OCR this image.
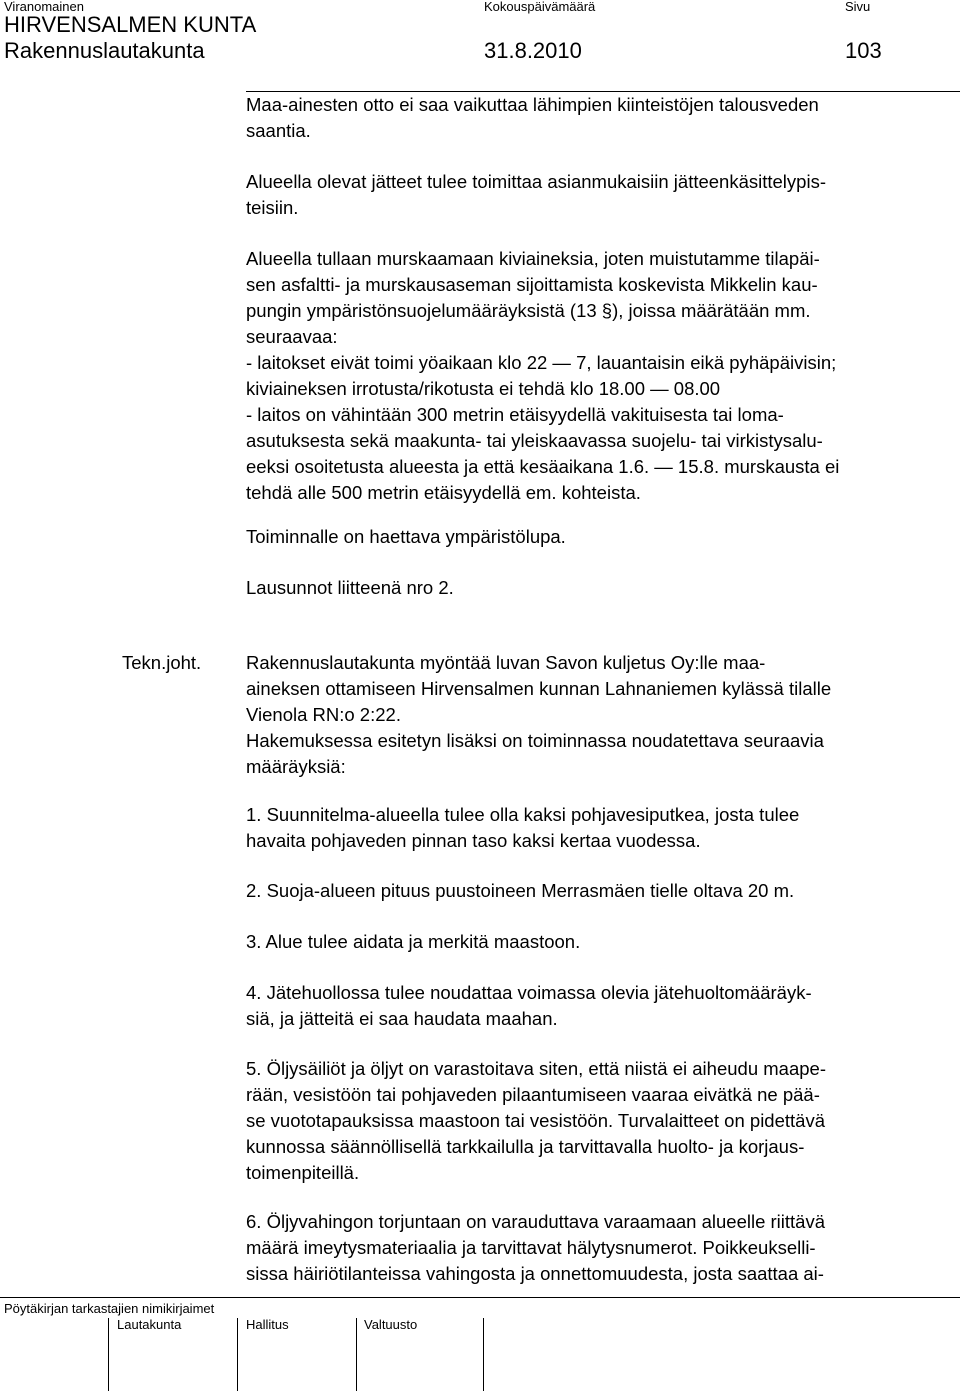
Viranomainen	Kokouspäivämäärä	Sivu
HIRVENSALMEN KUNTA
Rakennuslautakunta	31.8.2010	103
Maa-ainesten otto ei saa vaikuttaa lähimpien kiinteistöjen talousveden
saantia.
Alueella olevat jätteet tulee toimittaa asianmukaisiin jätteenkäsittelypis-
teisiin.
Alueella tullaan murskaamaan kiviaineksia, joten muistutamme tilapäi-
sen asfaltti- ja murskausaseman sijoittamista koskevista Mikkelin kau-
pungin ympäristönsuojelumääräyksistä (13 §), joissa määrätään mm.
seuraavaa:
- laitokset eivät toimi yöaikaan klo 22 — 7, lauantaisin eikä pyhäpäivisin;
kiviaineksen irrotusta/rikotusta ei tehdä klo 18.00 — 08.00
- laitos on vähintään 300 metrin etäisyydellä vakituisesta tai loma-
asutuksesta sekä maakunta- tai yleiskaavassa suojelu- tai virkistysalu-
eeksi osoitetusta alueesta ja että kesäaikana 1.6. — 15.8. murskausta ei
tehdä alle 500 metrin etäisyydellä em. kohteista.
Toiminnalle on haettava ympäristölupa.
Lausunnot liitteenä nro 2.
Tekn.joht. Rakennuslautakunta myöntää luvan Savon kuljetus Oy:lle maa-
aineksen ottamiseen Hirvensalmen kunnan Lahnaniemen kylässä tilalle
Vienola RN:o 2:22.
Hakemuksessa esitetyn lisäksi on toiminnassa noudatettava seuraavia
määräyksiä:
1. Suunnitelma-alueella tulee olla kaksi pohjavesiputkea, josta tulee
havaita pohjaveden pinnan taso kaksi kertaa vuodessa.
2. Suoja-alueen pituus puustoineen Merrasmäen tielle oltava 20 m.
3. Alue tulee aidata ja merkitä maastoon.
4. Jätehuollossa tulee noudattaa voimassa olevia jätehuoltomääräyk-
siä, ja jätteitä ei saa haudata maahan.
5. Öljysäiliöt ja öljyt on varastoitava siten, että niistä ei aiheudu maape-
rään, vesistöön tai pohjaveden pilaantumiseen vaaraa eivätkä ne pää-
se vuototapauksissa maastoon tai vesistöön. Turvalaitteet on pidettävä
kunnossa säännöllisellä tarkkailulla ja tarvittavalla huolto- ja korjaus-
toimenpiteillä.
6. Öljyvahingon torjuntaan on varauduttava varaamaan alueelle riittävä
määrä imeytysmateriaalia ja tarvittavat hälytysnumerot. Poikkeukselli-
sissa häiriötilanteissa vahingosta ja onnettomuudesta, josta saattaa ai-
Pöytäkirjan tarkastajien nimikirjaimet
Lautakunta	Hallitus	Valtuusto
